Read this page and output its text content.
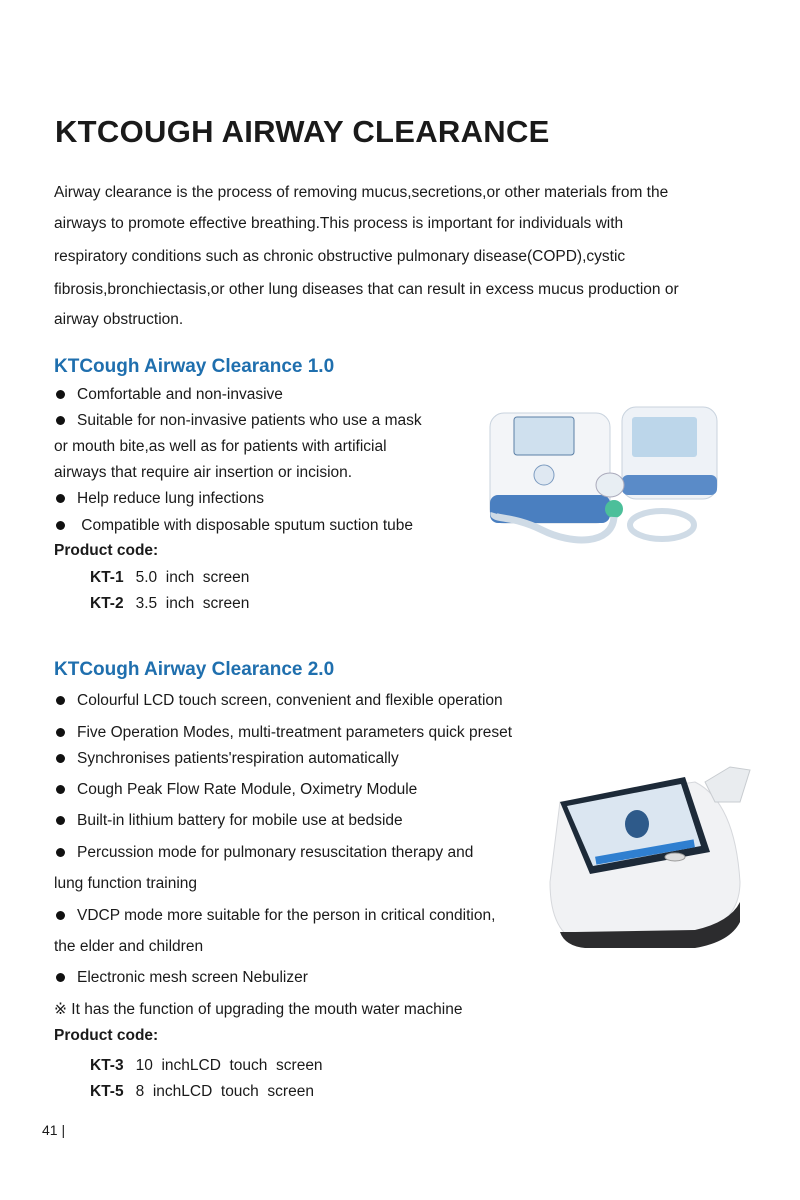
KTCOUGH AIRWAY CLEARANCE
Airway clearance is the process of removing mucus,secretions,or other materials from the
airways to promote effective breathing.This process is important for individuals with
respiratory conditions such as chronic obstructive pulmonary disease(COPD),cystic
fibrosis,bronchiectasis,or other lung diseases that can result in excess mucus production or
airway obstruction.
KTCough Airway Clearance 1.0
Comfortable and non-invasive
Suitable for non-invasive patients who use a mask
or mouth bite,as well as for patients with artificial
airways that require air insertion or incision.
Help reduce lung infections
Compatible with disposable sputum suction tube
Product code:
KT-1 5.0  inch  screen
KT-2 3.5  inch  screen
KTCough Airway Clearance 2.0
Colourful LCD touch screen, convenient and flexible operation
Five Operation Modes, multi-treatment parameters quick preset
Synchronises patients'respiration automatically
Cough Peak Flow Rate Module, Oximetry Module
Built-in lithium battery for mobile use at bedside
Percussion mode for pulmonary resuscitation therapy and
lung function training
VDCP mode more suitable for the person in critical condition,
the elder and children
Electronic mesh screen Nebulizer
※ It has the function of upgrading the mouth water machine
Product code:
KT-3 10  inchLCD  touch  screen
KT-5 8  inchLCD  touch  screen
41 |
